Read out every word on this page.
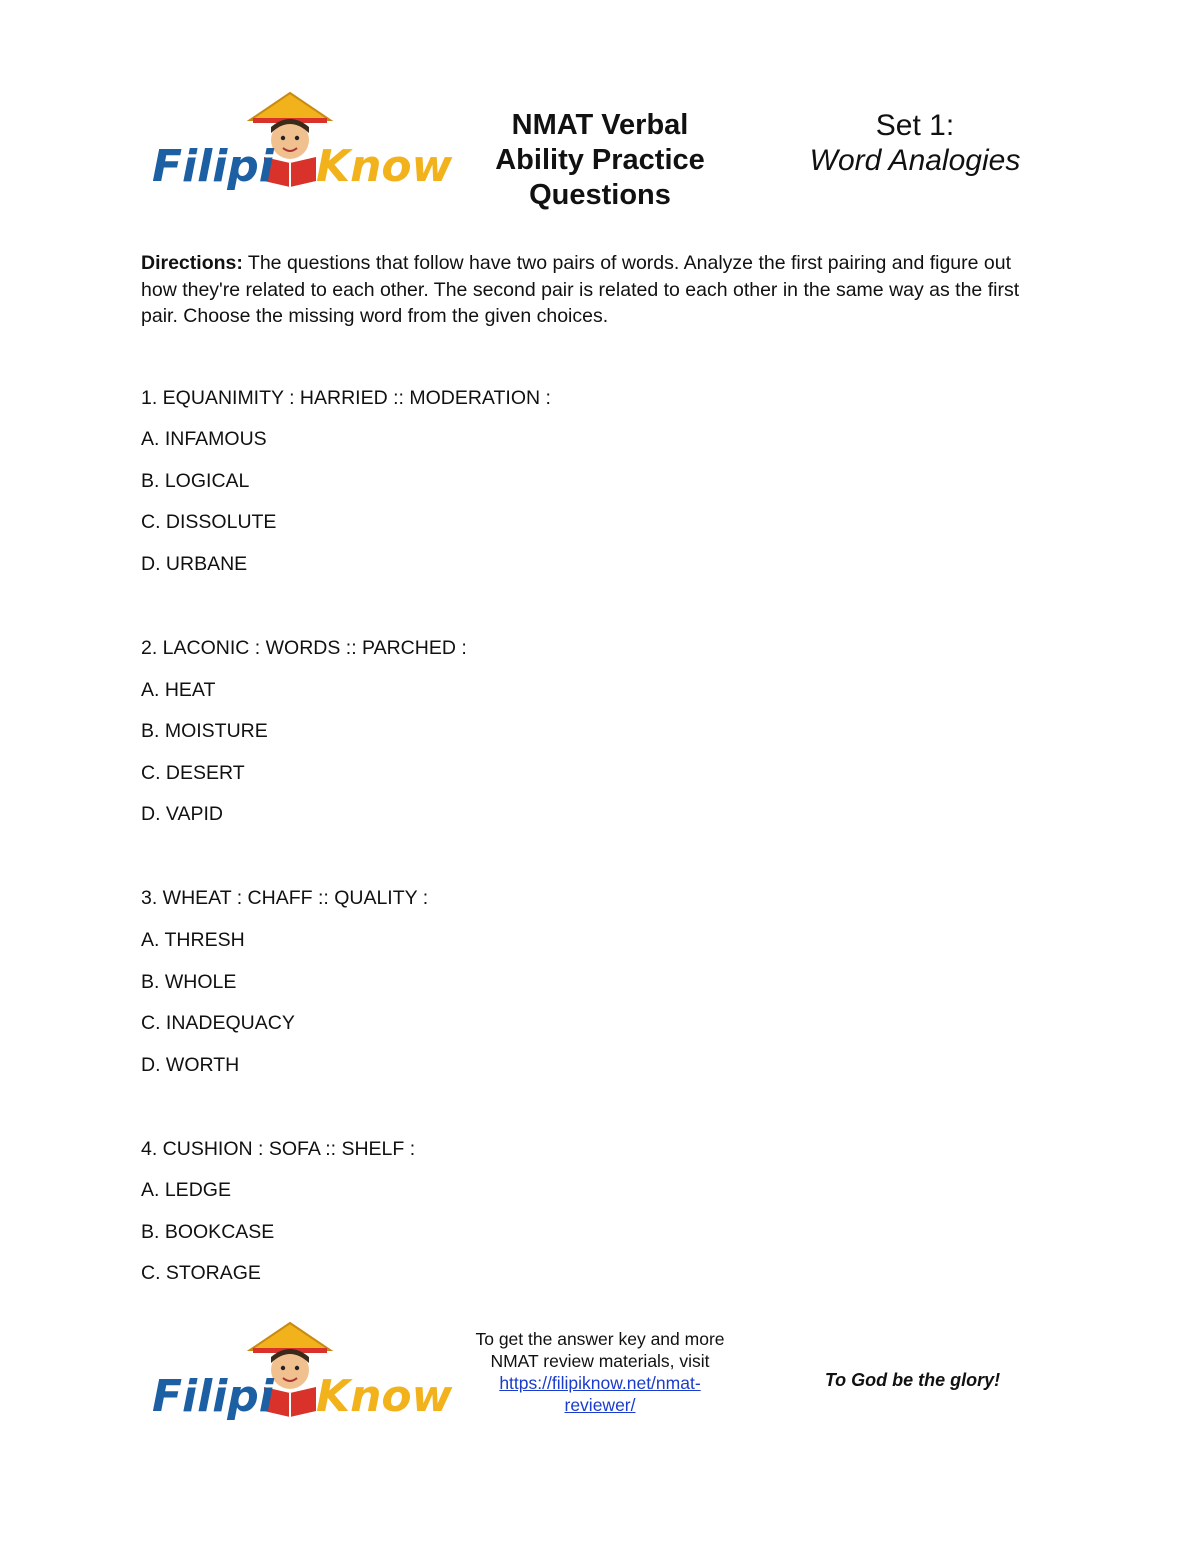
Filipi Know
NMAT Verbal
Ability Practice
Questions
Set 1:
Word Analogies
Directions: The questions that follow have two pairs of words. Analyze the first pairing and figure out how they're related to each other. The second pair is related to each other in the same way as the first pair. Choose the missing word from the given choices.
1. EQUANIMITY : HARRIED :: MODERATION :
A. INFAMOUS
B. LOGICAL
C. DISSOLUTE
D. URBANE
2. LACONIC : WORDS :: PARCHED :
A. HEAT
B. MOISTURE
C. DESERT
D. VAPID
3. WHEAT : CHAFF :: QUALITY :
A. THRESH
B. WHOLE
C. INADEQUACY
D. WORTH
4. CUSHION : SOFA :: SHELF :
A. LEDGE
B. BOOKCASE
C. STORAGE
Filipi Know
To get the answer key and more
NMAT review materials, visit
https://filipiknow.net/nmat-
reviewer/
To God be the glory!
